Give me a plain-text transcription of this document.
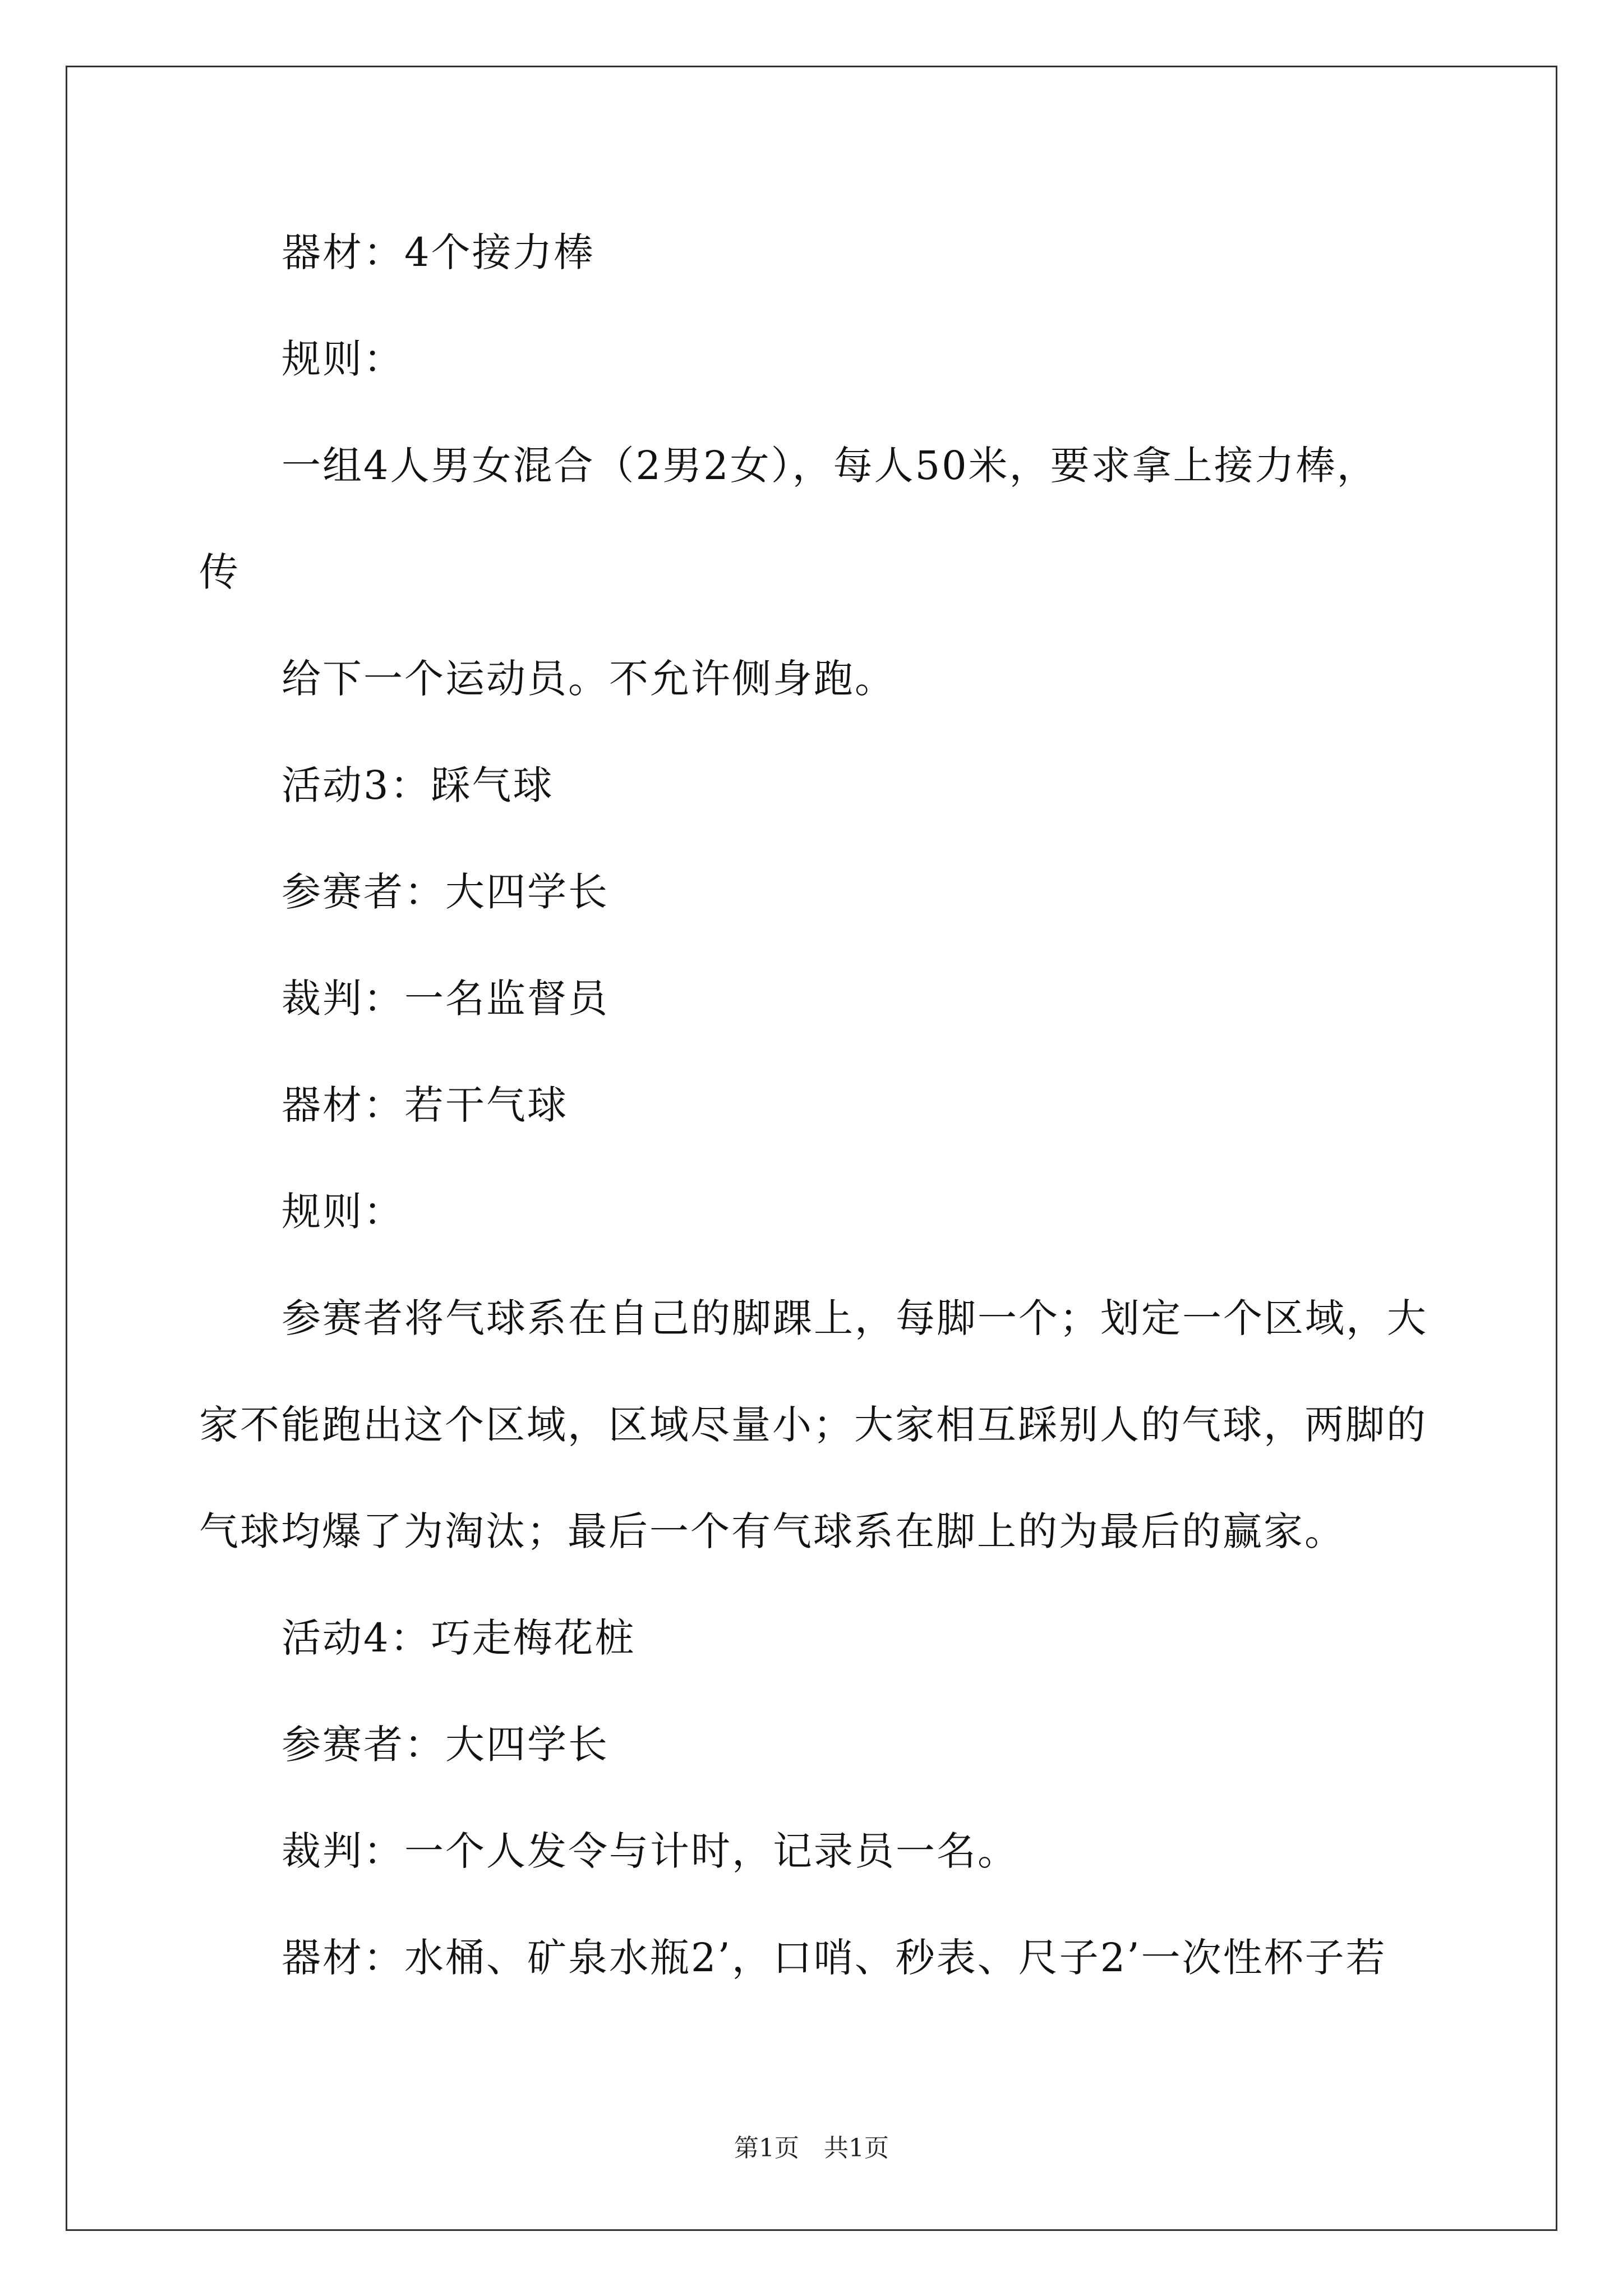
器材：4个接力棒
规则：
一组4人男女混合（2男2女），每人50米，要求拿上接力棒，
传
给下一个运动员。不允许侧身跑。
活动3：踩气球
参赛者：大四学长
裁判：一名监督员
器材：若干气球
规则：
参赛者将气球系在自己的脚踝上，每脚一个；划定一个区域，大
家不能跑出这个区域，区域尽量小；大家相互踩别人的气球，两脚的
气球均爆了为淘汰；最后一个有气球系在脚上的为最后的赢家。
活动4：巧走梅花桩
参赛者：大四学长
裁判：一个人发令与计时，记录员一名。
器材：水桶、矿泉水瓶2’，口哨、秒表、尺子2’一次性杯子若
第1页　共1页
